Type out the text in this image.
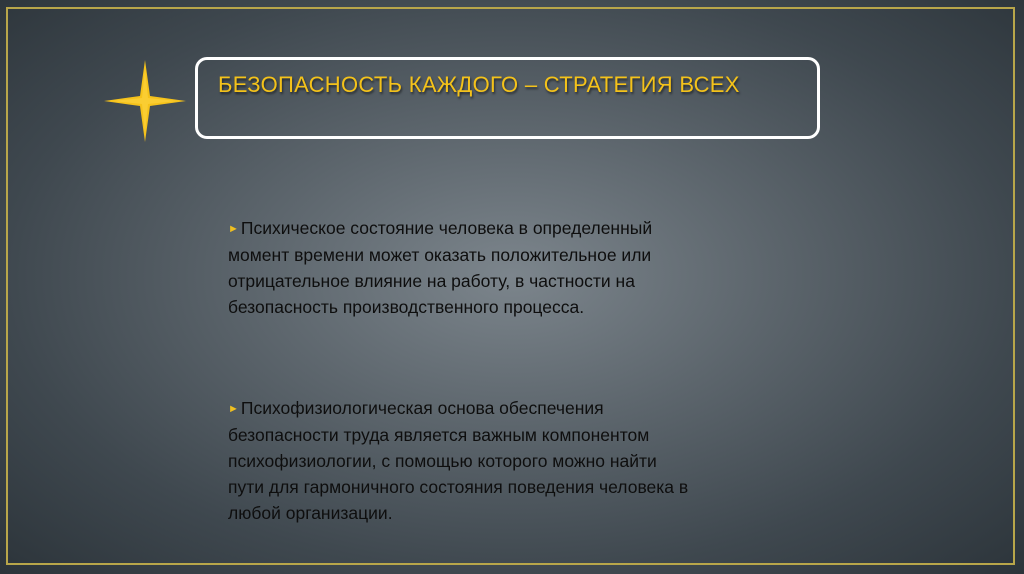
БЕЗОПАСНОСТЬ КАЖДОГО – СТРАТЕГИЯ ВСЕХ
► Психическое состояние человека в определенный
момент времени может оказать положительное или
отрицательное влияние на работу, в частности на
безопасность производственного процесса.
► Психофизиологическая основа обеспечения
безопасности труда является важным компонентом
психофизиологии, с помощью которого можно найти
пути для гармоничного состояния поведения человека в
любой организации.
